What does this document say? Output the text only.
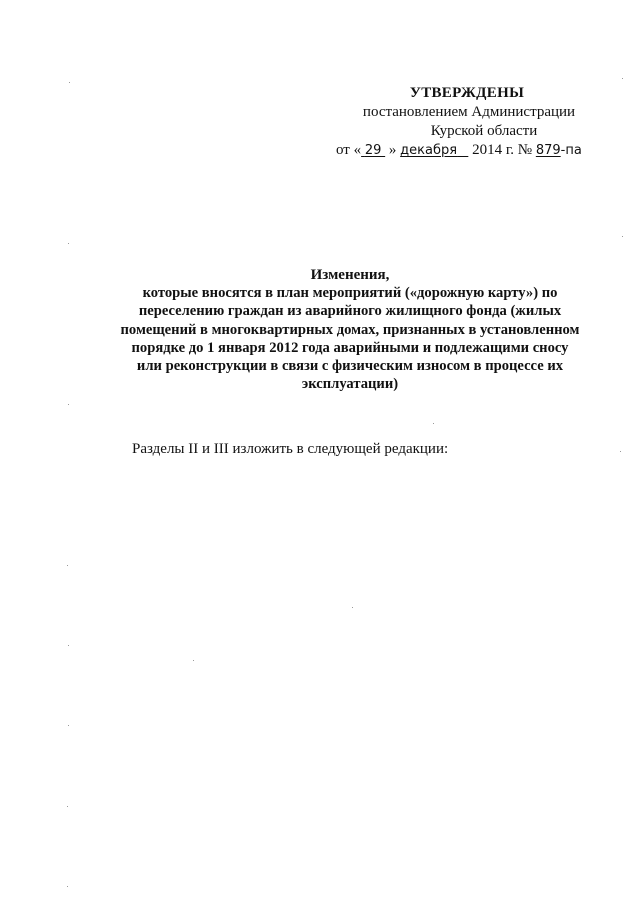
УТВЕРЖДЕНЫ
постановлением Администрации
Курской области
от « 29 » декабря 2014 г. № 879-па
Изменения,
которые вносятся в план мероприятий («дорожную карту») по
переселению граждан из аварийного жилищного фонда (жилых
помещений в многоквартирных домах, признанных в установленном
порядке до 1 января 2012 года аварийными и подлежащими сносу
или реконструкции в связи с физическим износом в процессе их
эксплуатации)
Разделы II и III изложить в следующей редакции:
